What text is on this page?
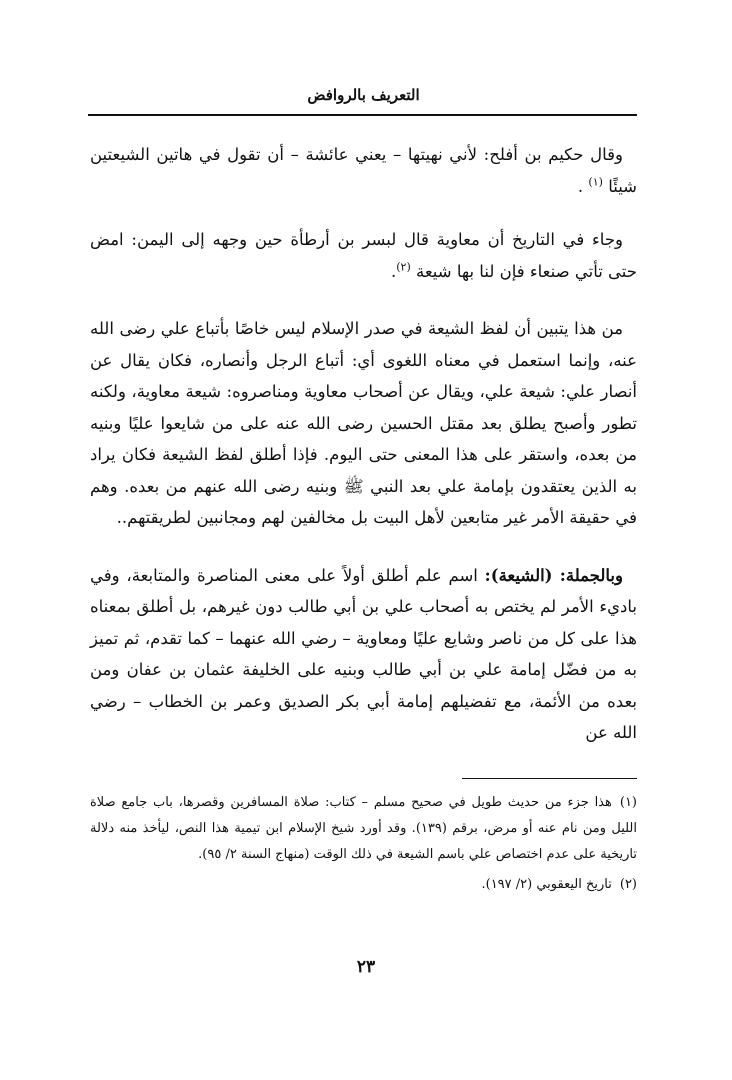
التعريف بالروافض

وقال حكيم بن أفلح: لأني نهيتها – يعني عائشة – أن تقول في هاتين الشيعتين شيئًا $^{(١)}$ .

وجاء في التاريخ أن معاوية قال لبسر بن أرطأة حين وجهه إلى اليمن: امض حتى تأتي صنعاء فإن لنا بها شيعة $^{(٢)}$.

من هذا يتبين أن لفظ الشيعة في صدر الإسلام ليس خاصًا بأتباع علي رضى الله عنه، وإنما استعمل في معناه اللغوى أي: أتباع الرجل وأنصاره، فكان يقال عن أنصار علي: شيعة علي، ويقال عن أصحاب معاوية ومناصروه: شيعة معاوية، ولكنه تطور وأصبح يطلق بعد مقتل الحسين رضى الله عنه على من شايعوا عليًا وبنيه من بعده، واستقر على هذا المعنى حتى اليوم. فإذا أطلق لفظ الشيعة فكان يراد به الذين يعتقدون بإمامة علي بعد النبي ﷺ وبنيه رضى الله عنهم من بعده. وهم في حقيقة الأمر غير متابعين لأهل البيت بل مخالفين لهم ومجانبين لطريقتهم..

وبالجملة: (الشيعة): اسم علم أطلق أولاً على معنى المناصرة والمتابعة، وفي باديء الأمر لم يختص به أصحاب علي بن أبي طالب دون غيرهم، بل أطلق بمعناه هذا على كل من ناصر وشايع عليًا ومعاوية – رضي الله عنهما – كما تقدم، ثم تميز به من فضّل إمامة علي بن أبي طالب وبنيه على الخليفة عثمان بن عفان ومن بعده من الأئمة، مع تفضيلهم إمامة أبي بكر الصديق وعمر بن الخطاب – رضي الله عن

(١)هذا جزء من حديث طويل في صحيح مسلم – كتاب: صلاة المسافرين وقصرها، باب جامع صلاة الليل ومن نام عنه أو مرض، برقم (١٣٩). وقد أورد شيخ الإسلام ابن تيمية هذا النص، ليأخذ منه دلالة تاريخية على عدم اختصاص علي باسم الشيعة في ذلك الوقت (منهاج السنة ٢/ ٩٥).
(٢)تاريخ اليعقوبي (٢/ ١٩٧).
٢٣
